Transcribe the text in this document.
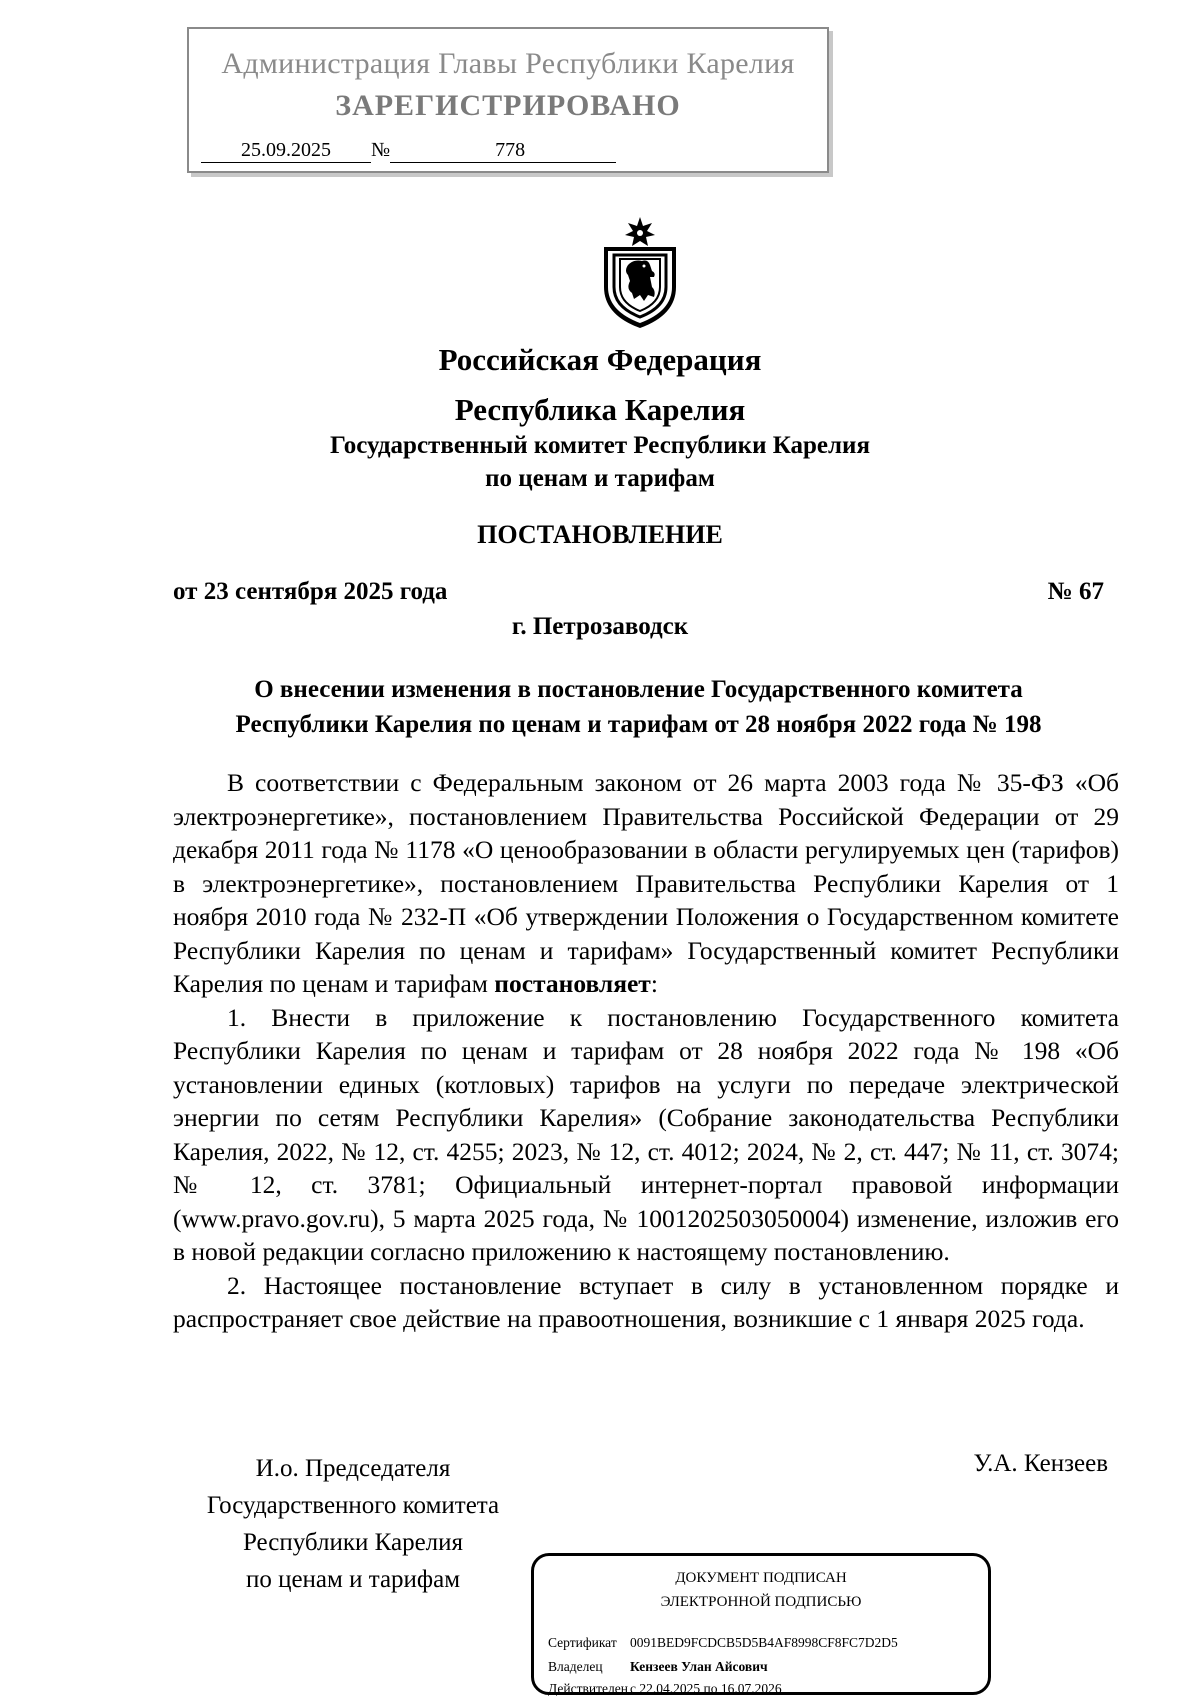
Администрация Главы Республики Карелия
ЗАРЕГИСТРИРОВАНО
25.09.2025 №	778
Российская Федерация
Республика Карелия
Государственный комитет Республики Карелия
по ценам и тарифам
ПОСТАНОВЛЕНИЕ
от 23 сентября 2025 года	№ 67
г. Петрозаводск
О внесении изменения в постановление Государственного комитета
Республики Карелия по ценам и тарифам от 28 ноября 2022 года № 198

В соответствии с Федеральным законом от 26 марта 2003 года № 35-ФЗ «Об электроэнергетике», постановлением Правительства Российской Федерации от 29 декабря 2011 года № 1178 «О ценообразовании в области регулируемых цен (тарифов) в электроэнергетике», постановлением Правительства Республики Карелия от 1 ноября 2010 года № 232-П «Об утверждении Положения о Государственном комитете Республики Карелия по ценам и тарифам» Государственный комитет Республики Карелия по ценам и тарифам постановляет:

1. Внести в приложение к постановлению Государственного комитета Республики Карелия по ценам и тарифам от 28 ноября 2022 года № 198 «Об установлении единых (котловых) тарифов на услуги по передаче электрической энергии по сетям Республики Карелия» (Собрание законодательства Республики Карелия, 2022, № 12, ст. 4255; 2023, № 12, ст. 4012; 2024, № 2, ст. 447; № 11, ст. 3074; № 12, ст. 3781; Официальный интернет-портал правовой информации (www.pravo.gov.ru), 5 марта 2025 года, № 1001202503050004) изменение, изложив его в новой редакции согласно приложению к настоящему постановлению.

2. Настоящее постановление вступает в силу в установленном порядке и распространяет свое действие на правоотношения, возникшие с 1 января 2025 года.

И.о. Председателя
Государственного комитета
Республики Карелия
по ценам и тарифам
У.А. Кензеев
ДОКУМЕНТ ПОДПИСАН
ЭЛЕКТРОННОЙ ПОДПИСЬЮ
Сертификат 0091BED9FCDCB5D5B4AF8998CF8FC7D2D5
Владелец Кензеев Улан Айсович
Действителен с 22.04.2025 по 16.07.2026
